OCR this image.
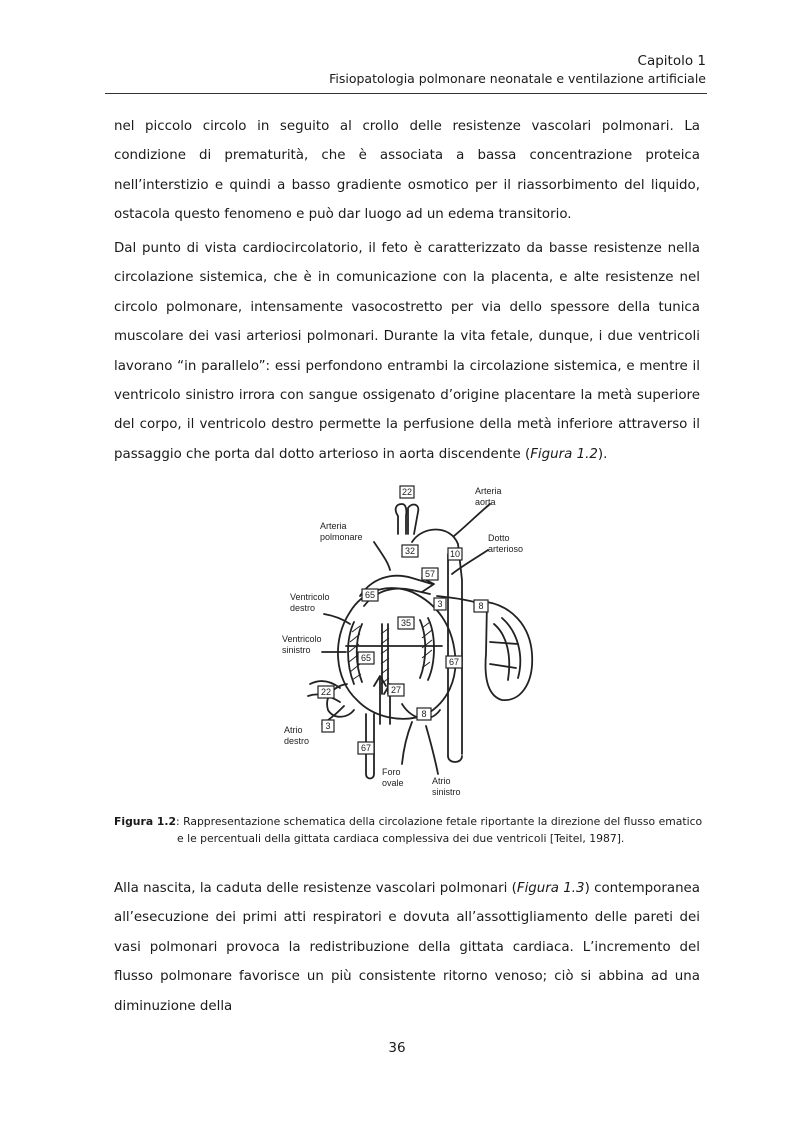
Capitolo 1
Fisiopatologia polmonare neonatale e ventilazione artificiale

nel piccolo circolo in seguito al crollo delle resistenze vascolari polmonari. La condizione di prematurità, che è associata a bassa concentrazione proteica nell’interstizio e quindi a basso gradiente osmotico per il riassorbimento del liquido, ostacola questo fenomeno e può dar luogo ad un edema transitorio.

Dal punto di vista cardiocircolatorio, il feto è caratterizzato da basse resistenze nella circolazione sistemica, che è in comunicazione con la placenta, e alte resistenze nel circolo polmonare, intensamente vasocostretto per via dello spessore della tunica muscolare dei vasi arteriosi polmonari. Durante la vita fetale, dunque, i due ventricoli lavorano “in parallelo”: essi perfondono entrambi la circolazione sistemica, e mentre il ventricolo sinistro irrora con sangue ossigenato d’origine placentare la metà superiore del corpo, il ventricolo destro permette la perfusione della metà inferiore attraverso il passaggio che porta dal dotto arterioso in aorta discendente (Figura 1.2).

22
32	10
57
65
3	8
35
65	67
27
22
3
8
67
Arteria
aorta
Arteria
polmonare	Dotto
arterioso
Ventricolo
destro
Ventricolo
sinistro
Atrio
destro
Foro
ovale	Atrio
sinistro
Figura 1.2: Rappresentazione schematica della circolazione fetale riportante la direzione del flusso ematico
e le percentuali della gittata cardiaca complessiva dei due ventricoli [Teitel, 1987].

Alla nascita, la caduta delle resistenze vascolari polmonari (Figura 1.3) contemporanea all’esecuzione dei primi atti respiratori e dovuta all’assottigliamento delle pareti dei vasi polmonari provoca la redistribuzione della gittata cardiaca. L’incremento del flusso polmonare favorisce un più consistente ritorno venoso; ciò si abbina ad una diminuzione della

36
